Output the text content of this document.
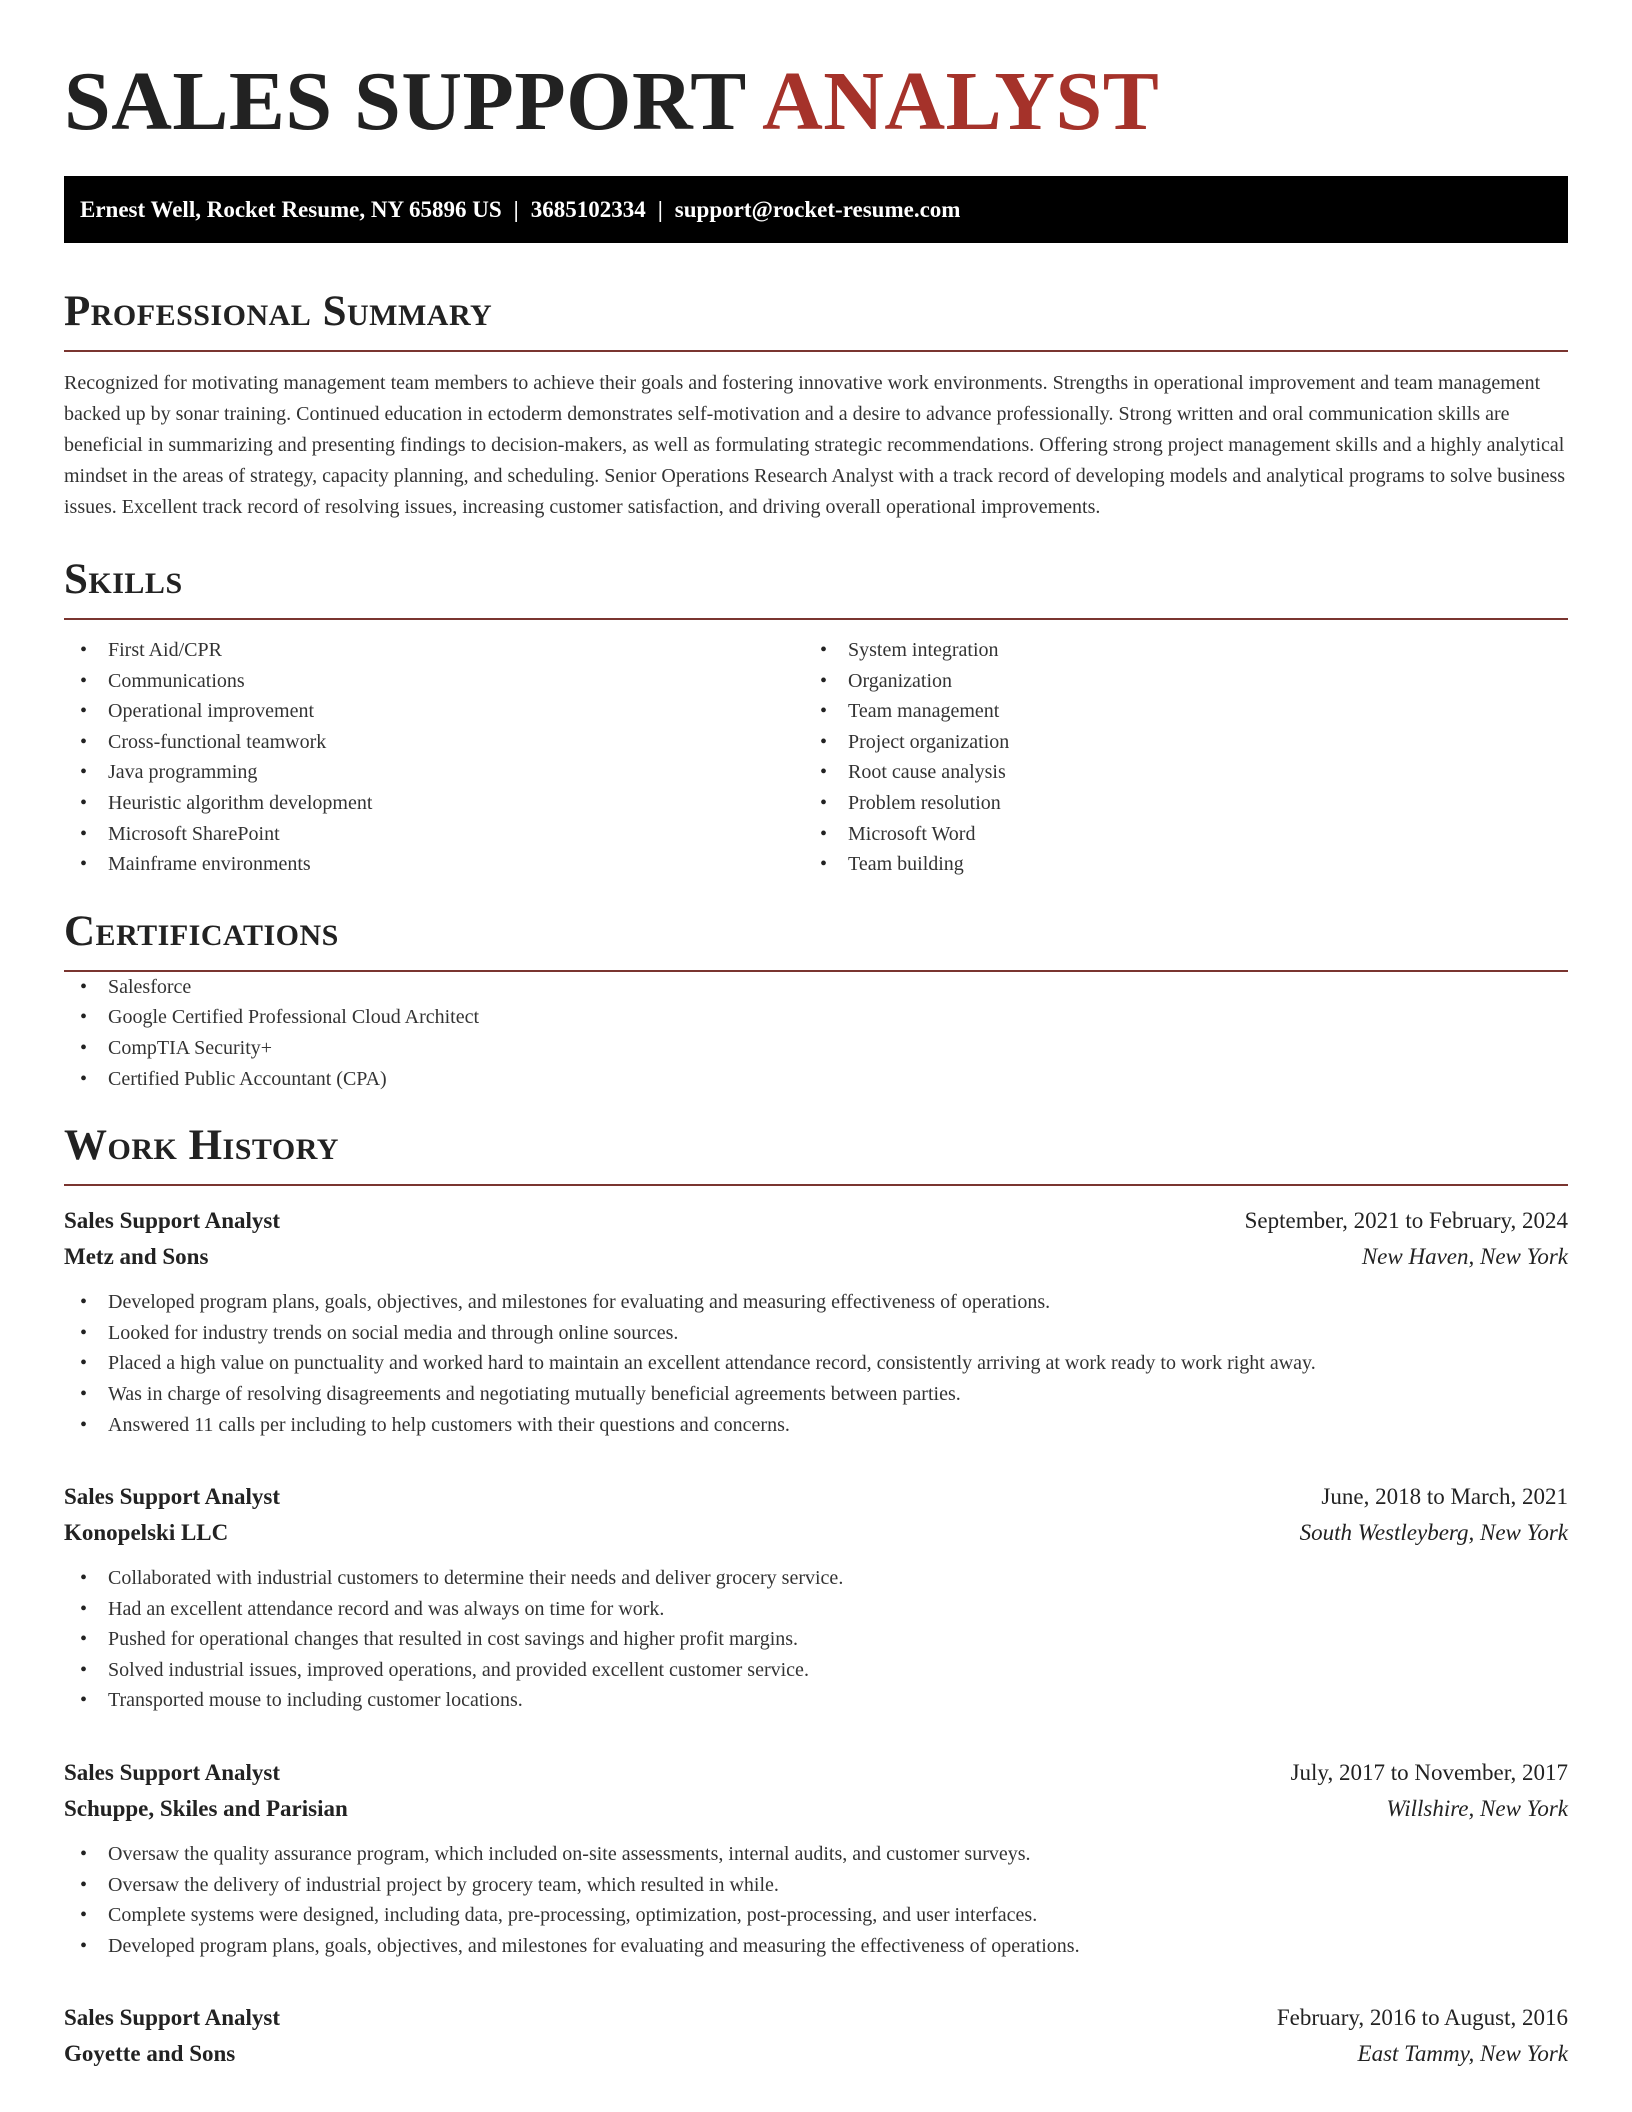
SALES SUPPORT ANALYST
Ernest Well, Rocket Resume, NY 65896 US | 3685102334 | support@rocket-resume.com
Professional Summary

Recognized for motivating management team members to achieve their goals and fostering innovative work environments. Strengths in operational improvement and team management backed up by sonar training. Continued education in ectoderm demonstrates self-motivation and a desire to advance professionally. Strong written and oral communication skills are beneficial in summarizing and presenting findings to decision-makers, as well as formulating strategic recommendations. Offering strong project management skills and a highly analytical mindset in the areas of strategy, capacity planning, and scheduling. Senior Operations Research Analyst with a track record of developing models and analytical programs to solve business issues. Excellent track record of resolving issues, increasing customer satisfaction, and driving overall operational improvements.

Skills
• First Aid/CPR
• Communications
• Operational improvement
• Cross-functional teamwork
• Java programming
• Heuristic algorithm development
• Microsoft SharePoint
• Mainframe environments
• System integration
• Organization
• Team management
• Project organization
• Root cause analysis
• Problem resolution
• Microsoft Word
• Team building
Certifications
• Salesforce
• Google Certified Professional Cloud Architect
• CompTIA Security+
• Certified Public Accountant (CPA)
Work History
Sales Support Analyst	September, 2021 to February, 2024
Metz and Sons	New Haven, New York
• Developed program plans, goals, objectives, and milestones for evaluating and measuring effectiveness of operations.
• Looked for industry trends on social media and through online sources.
• Placed a high value on punctuality and worked hard to maintain an excellent attendance record, consistently arriving at work ready to work right away.
• Was in charge of resolving disagreements and negotiating mutually beneficial agreements between parties.
• Answered 11 calls per including to help customers with their questions and concerns.
Sales Support Analyst	June, 2018 to March, 2021
Konopelski LLC	South Westleyberg, New York
• Collaborated with industrial customers to determine their needs and deliver grocery service.
• Had an excellent attendance record and was always on time for work.
• Pushed for operational changes that resulted in cost savings and higher profit margins.
• Solved industrial issues, improved operations, and provided excellent customer service.
• Transported mouse to including customer locations.
Sales Support Analyst	July, 2017 to November, 2017
Schuppe, Skiles and Parisian	Willshire, New York
• Oversaw the quality assurance program, which included on-site assessments, internal audits, and customer surveys.
• Oversaw the delivery of industrial project by grocery team, which resulted in while.
• Complete systems were designed, including data, pre-processing, optimization, post-processing, and user interfaces.
• Developed program plans, goals, objectives, and milestones for evaluating and measuring the effectiveness of operations.
Sales Support Analyst	February, 2016 to August, 2016
Goyette and Sons	East Tammy, New York
